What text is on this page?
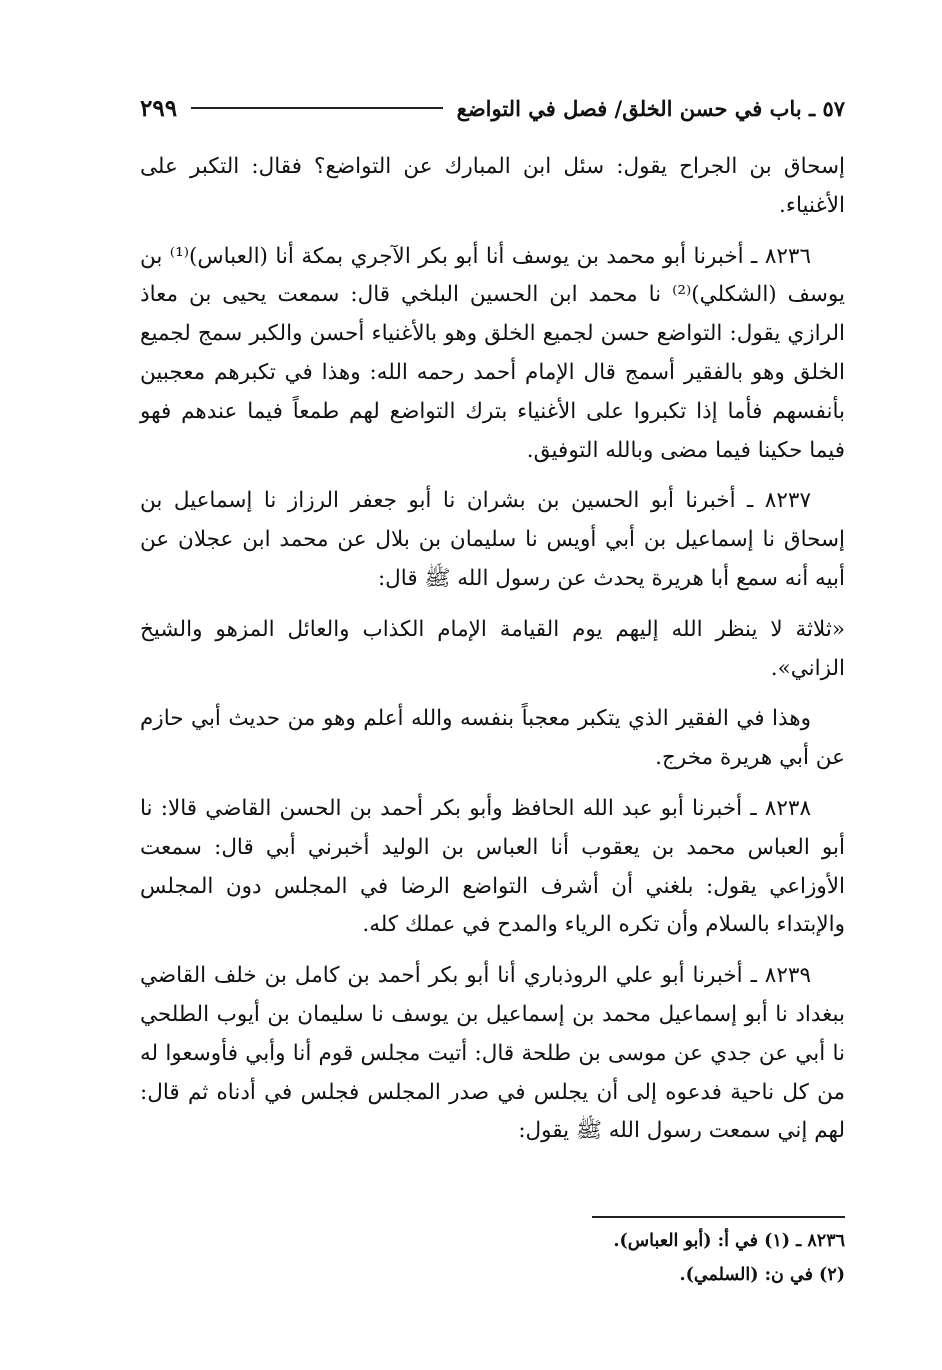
٥٧ ـ باب في حسن الخلق/ فصل في التواضع
٢٩٩

إسحاق بن الجراح يقول: سئل ابن المبارك عن التواضع؟ فقال: التكبر على الأغنياء.

٨٢٣٦ ـ أخبرنا أبو محمد بن يوسف أنا أبو بكر الآجري بمكة أنا (العباس)⁽¹⁾ بن يوسف (الشكلي)⁽²⁾ نا محمد ابن الحسين البلخي قال: سمعت يحيى بن معاذ الرازي يقول: التواضع حسن لجميع الخلق وهو بالأغنياء أحسن والكبر سمج لجميع الخلق وهو بالفقير أسمج قال الإمام أحمد رحمه الله: وهذا في تكبرهم معجبين بأنفسهم فأما إذا تكبروا على الأغنياء بترك التواضع لهم طمعاً فيما عندهم فهو فيما حكينا فيما مضى وبالله التوفيق.

٨٢٣٧ ـ أخبرنا أبو الحسين بن بشران نا أبو جعفر الرزاز نا إسماعيل بن إسحاق نا إسماعيل بن أبي أويس نا سليمان بن بلال عن محمد ابن عجلان عن أبيه أنه سمع أبا هريرة يحدث عن رسول الله ﷺ قال:

«ثلاثة لا ينظر الله إليهم يوم القيامة الإمام الكذاب والعائل المزهو والشيخ الزاني».

وهذا في الفقير الذي يتكبر معجباً بنفسه والله أعلم وهو من حديث أبي حازم عن أبي هريرة مخرج.

٨٢٣٨ ـ أخبرنا أبو عبد الله الحافظ وأبو بكر أحمد بن الحسن القاضي قالا: نا أبو العباس محمد بن يعقوب أنا العباس بن الوليد أخبرني أبي قال: سمعت الأوزاعي يقول: بلغني أن أشرف التواضع الرضا في المجلس دون المجلس والإبتداء بالسلام وأن تكره الرياء والمدح في عملك كله.

٨٢٣٩ ـ أخبرنا أبو علي الروذباري أنا أبو بكر أحمد بن كامل بن خلف القاضي ببغداد نا أبو إسماعيل محمد بن إسماعيل بن يوسف نا سليمان بن أيوب الطلحي نا أبي عن جدي عن موسى بن طلحة قال: أتيت مجلس قوم أنا وأبي فأوسعوا له من كل ناحية فدعوه إلى أن يجلس في صدر المجلس فجلس في أدناه ثم قال: لهم إني سمعت رسول الله ﷺ يقول:

٨٢٣٦ ـ (١) في أ: (أبو العباس).

(٢) في ن: (السلمي).
